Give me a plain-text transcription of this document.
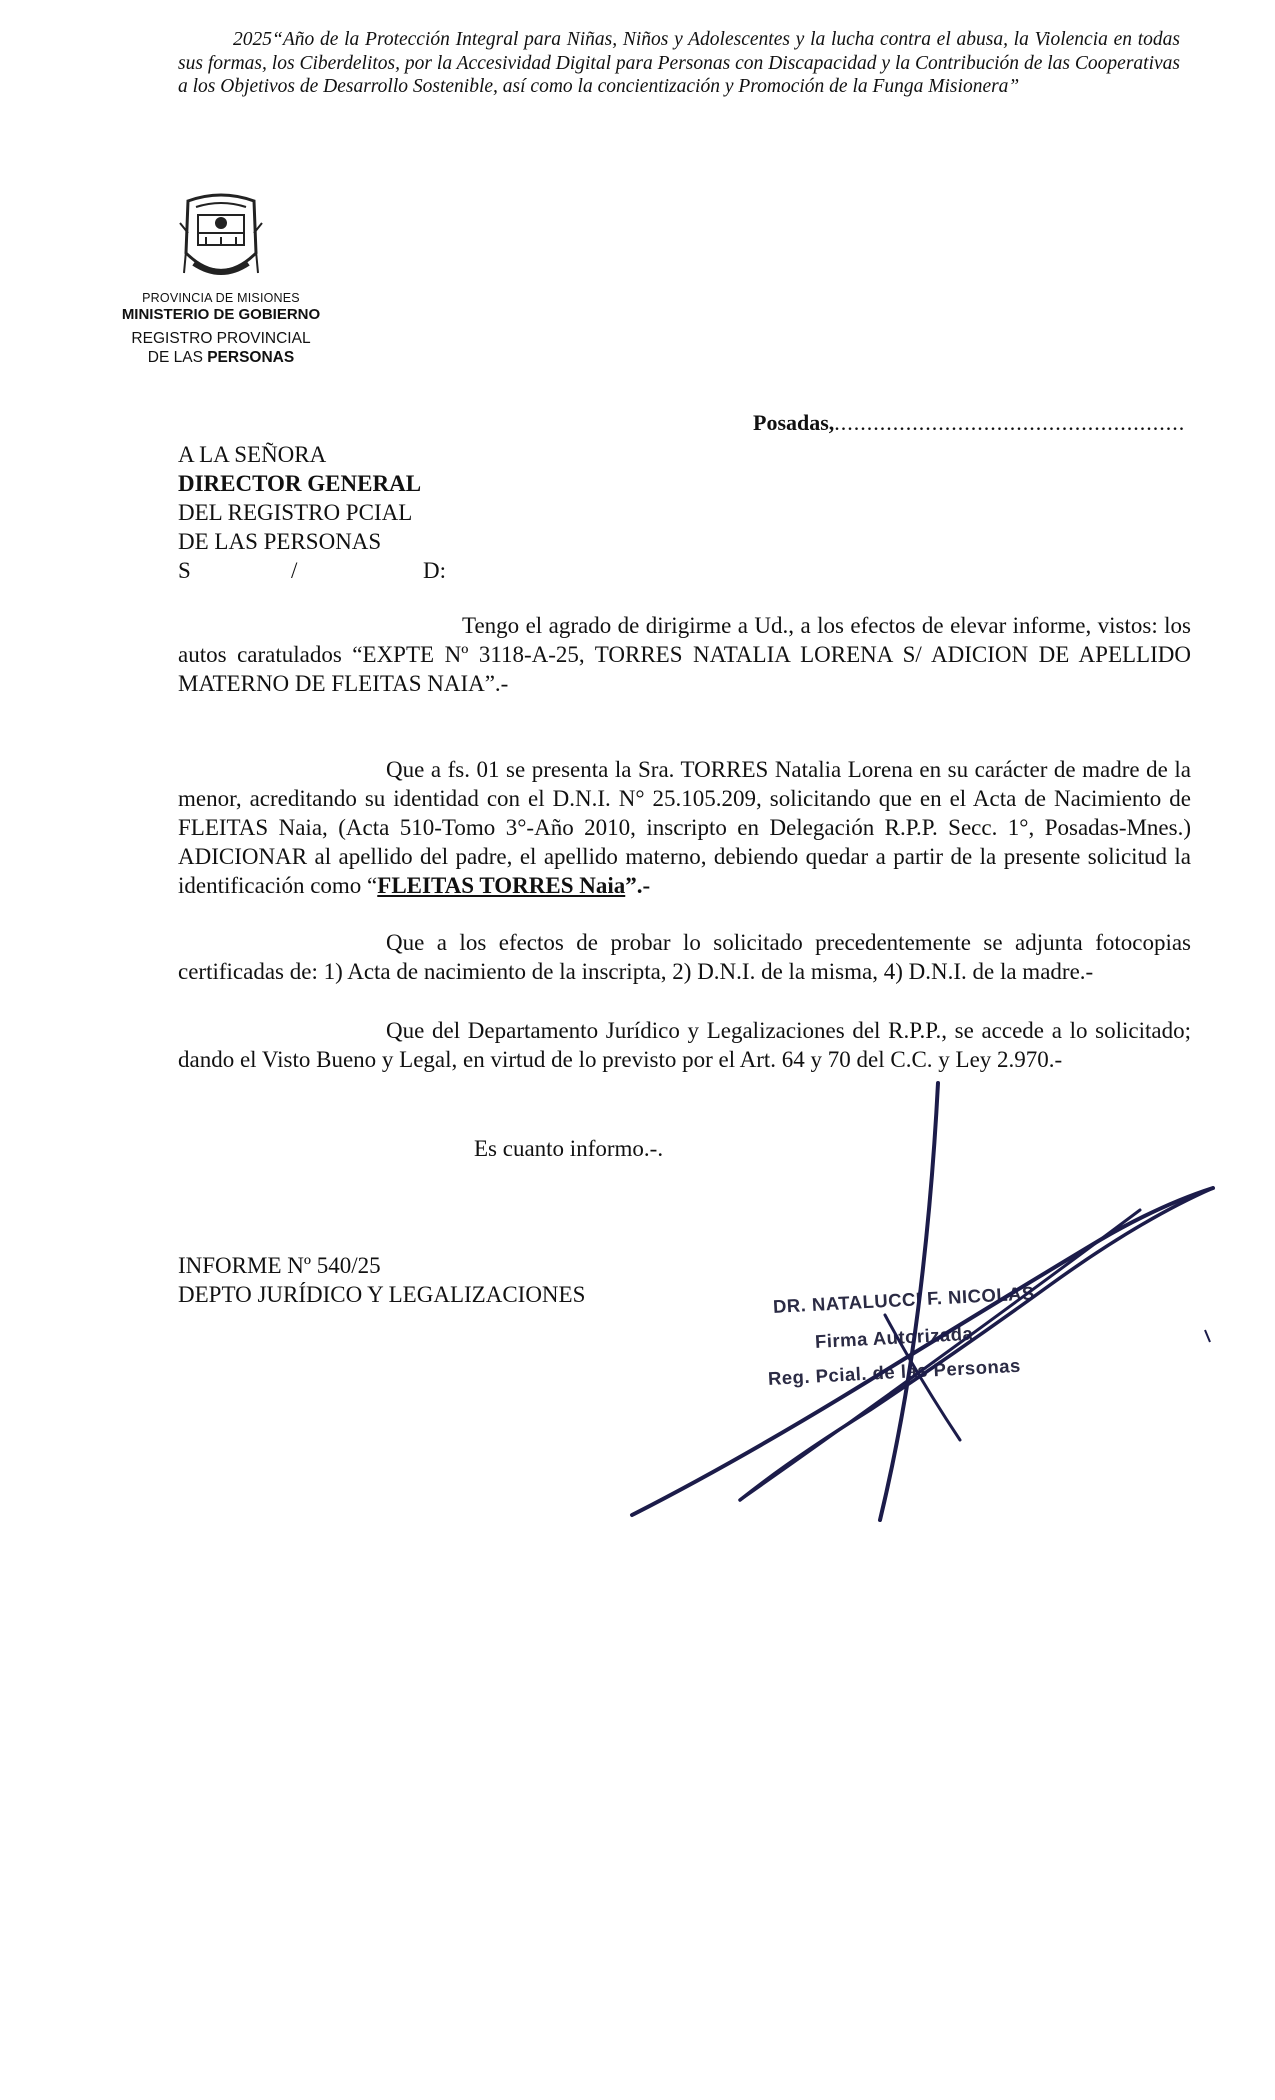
2025“Año de la Protección Integral para Niñas, Niños y Adolescentes y la lucha contra el abusa, la Violencia en todas sus formas, los Ciberdelitos, por la Accesividad Digital para Personas con Discapacidad y la Contribución de las Cooperativas a los Objetivos de Desarrollo Sostenible, así como la concientización y Promoción de la Funga Misionera”
PROVINCIA DE MISIONES
MINISTERIO DE GOBIERNO
REGISTRO PROVINCIAL
DE LAS PERSONAS
Posadas,......................................................
A LA SEÑORA
DIRECTOR GENERAL
DEL REGISTRO PCIAL
DE LAS PERSONAS
S	/	D:
Tengo el agrado de dirigirme a Ud., a los efectos de elevar informe, vistos: los autos caratulados “EXPTE Nº 3118-A-25, TORRES NATALIA LORENA S/ ADICION DE APELLIDO MATERNO DE FLEITAS NAIA”.-
Que a fs. 01 se presenta la Sra. TORRES Natalia Lorena en su carácter de madre de la menor, acreditando su identidad con el D.N.I. N° 25.105.209, solicitando que en el Acta de Nacimiento de FLEITAS Naia, (Acta 510-Tomo 3°-Año 2010, inscripto en Delegación R.P.P. Secc. 1°, Posadas-Mnes.) ADICIONAR al apellido del padre, el apellido materno, debiendo quedar a partir de la presente solicitud la identificación como “FLEITAS TORRES Naia”.-
Que a los efectos de probar lo solicitado precedentemente se adjunta fotocopias certificadas de: 1) Acta de nacimiento de la inscripta, 2) D.N.I. de la misma, 4) D.N.I. de la madre.-
Que del Departamento Jurídico y Legalizaciones del R.P.P., se accede a lo solicitado; dando el Visto Bueno y Legal, en virtud de lo previsto por el Art. 64 y 70 del C.C. y Ley 2.970.-
Es cuanto informo.-.
INFORME Nº 540/25
DEPTO JURÍDICO Y LEGALIZACIONES	DR. NATALUCCI F. NICOLAS
Firma Autorizada
Reg. Pcial. de las Personas
